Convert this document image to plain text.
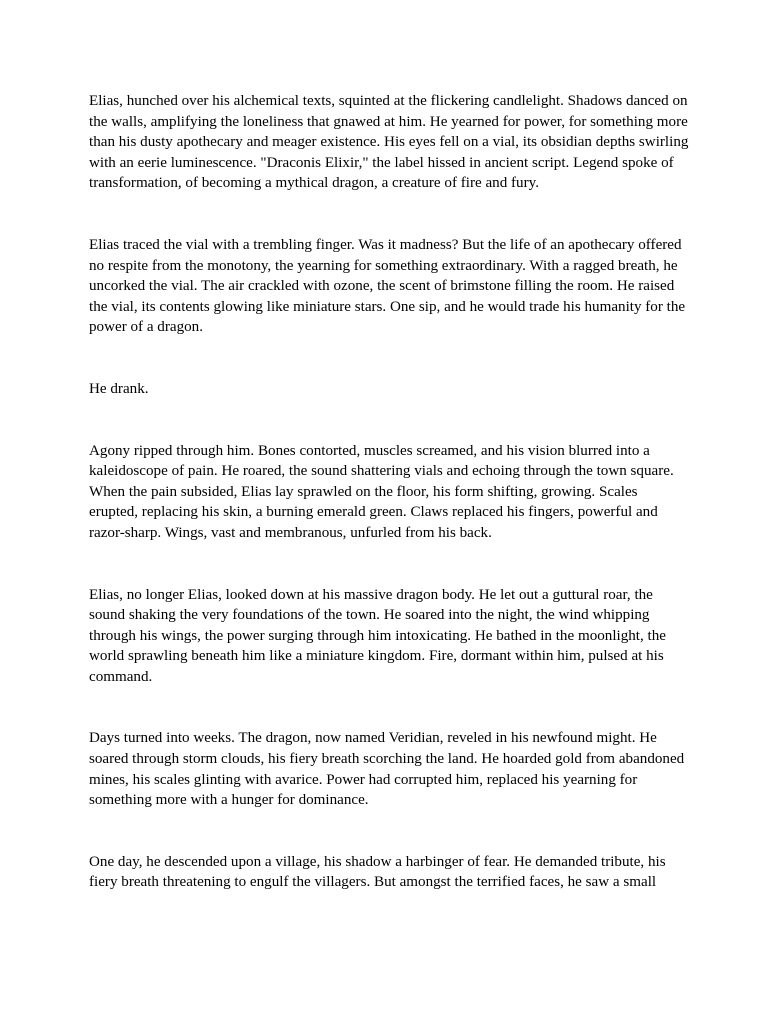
Elias, hunched over his alchemical texts, squinted at the flickering candlelight. Shadows danced on the walls, amplifying the loneliness that gnawed at him. He yearned for power, for something more than his dusty apothecary and meager existence. His eyes fell on a vial, its obsidian depths swirling with an eerie luminescence. "Draconis Elixir," the label hissed in ancient script. Legend spoke of transformation, of becoming a mythical dragon, a creature of fire and fury.

Elias traced the vial with a trembling finger. Was it madness? But the life of an apothecary offered no respite from the monotony, the yearning for something extraordinary. With a ragged breath, he uncorked the vial. The air crackled with ozone, the scent of brimstone filling the room. He raised the vial, its contents glowing like miniature stars. One sip, and he would trade his humanity for the power of a dragon.

He drank.

Agony ripped through him. Bones contorted, muscles screamed, and his vision blurred into a kaleidoscope of pain. He roared, the sound shattering vials and echoing through the town square. When the pain subsided, Elias lay sprawled on the floor, his form shifting, growing. Scales erupted, replacing his skin, a burning emerald green. Claws replaced his fingers, powerful and razor-sharp. Wings, vast and membranous, unfurled from his back.

Elias, no longer Elias, looked down at his massive dragon body. He let out a guttural roar, the sound shaking the very foundations of the town. He soared into the night, the wind whipping through his wings, the power surging through him intoxicating. He bathed in the moonlight, the world sprawling beneath him like a miniature kingdom. Fire, dormant within him, pulsed at his command.

Days turned into weeks. The dragon, now named Veridian, reveled in his newfound might. He soared through storm clouds, his fiery breath scorching the land. He hoarded gold from abandoned mines, his scales glinting with avarice. Power had corrupted him, replaced his yearning for something more with a hunger for dominance.

One day, he descended upon a village, his shadow a harbinger of fear. He demanded tribute, his fiery breath threatening to engulf the villagers. But amongst the terrified faces, he saw a small
